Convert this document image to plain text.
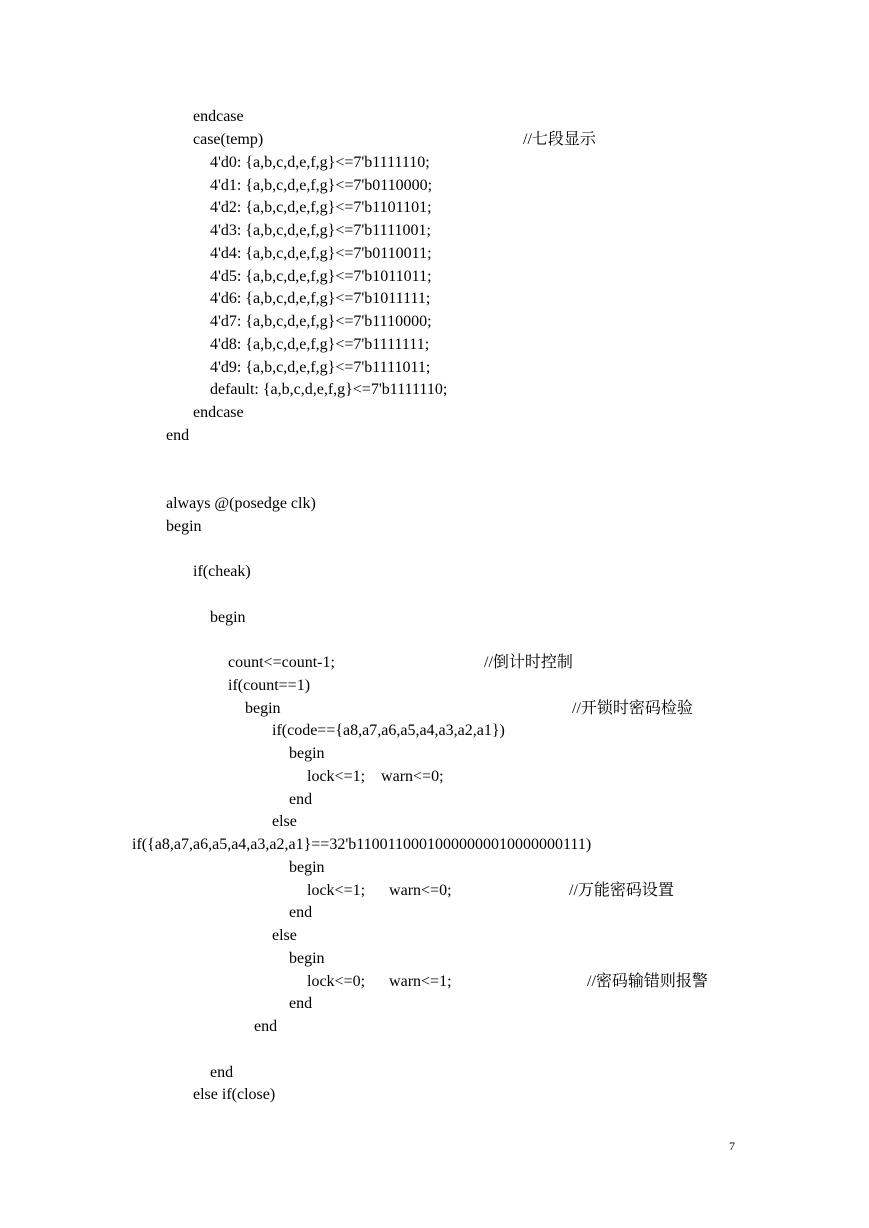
endcase
case(temp)	//七段显示
4'd0: {a,b,c,d,e,f,g}<=7'b1111110;
4'd1: {a,b,c,d,e,f,g}<=7'b0110000;
4'd2: {a,b,c,d,e,f,g}<=7'b1101101;
4'd3: {a,b,c,d,e,f,g}<=7'b1111001;
4'd4: {a,b,c,d,e,f,g}<=7'b0110011;
4'd5: {a,b,c,d,e,f,g}<=7'b1011011;
4'd6: {a,b,c,d,e,f,g}<=7'b1011111;
4'd7: {a,b,c,d,e,f,g}<=7'b1110000;
4'd8: {a,b,c,d,e,f,g}<=7'b1111111;
4'd9: {a,b,c,d,e,f,g}<=7'b1111011;
default: {a,b,c,d,e,f,g}<=7'b1111110;
endcase
end
always @(posedge clk)
begin
if(cheak)
begin
count<=count-1;	//倒计时控制
if(count==1)
begin	//开锁时密码检验
if(code=={a8,a7,a6,a5,a4,a3,a2,a1})
begin
lock<=1;    warn<=0;
end
else
if({a8,a7,a6,a5,a4,a3,a2,a1}==32'b11001100010000000010000000111)
begin
lock<=1;      warn<=0;	//万能密码设置
end
else
begin
lock<=0;      warn<=1;	//密码输错则报警
end
end
end
else if(close)
7
